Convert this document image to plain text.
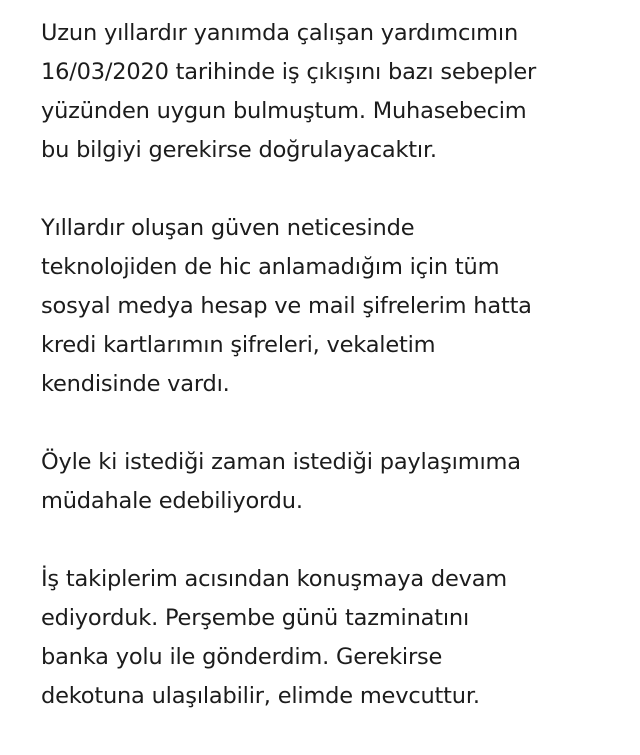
Uzun yıllardır yanımda çalışan yardımcımın
16/03/2020 tarihinde iş çıkışını bazı sebepler
yüzünden uygun bulmuştum. Muhasebecim
bu bilgiyi gerekirse doğrulayacaktır.
Yıllardır oluşan güven neticesinde
teknolojiden de hic anlamadığım için tüm
sosyal medya hesap ve mail şifrelerim hatta
kredi kartlarımın şifreleri, vekaletim
kendisinde vardı.
Öyle ki istediği zaman istediği paylaşımıma
müdahale edebiliyordu.
İş takiplerim acısından konuşmaya devam
ediyorduk. Perşembe günü tazminatını
banka yolu ile gönderdim. Gerekirse
dekotuna ulaşılabilir, elimde mevcuttur.
